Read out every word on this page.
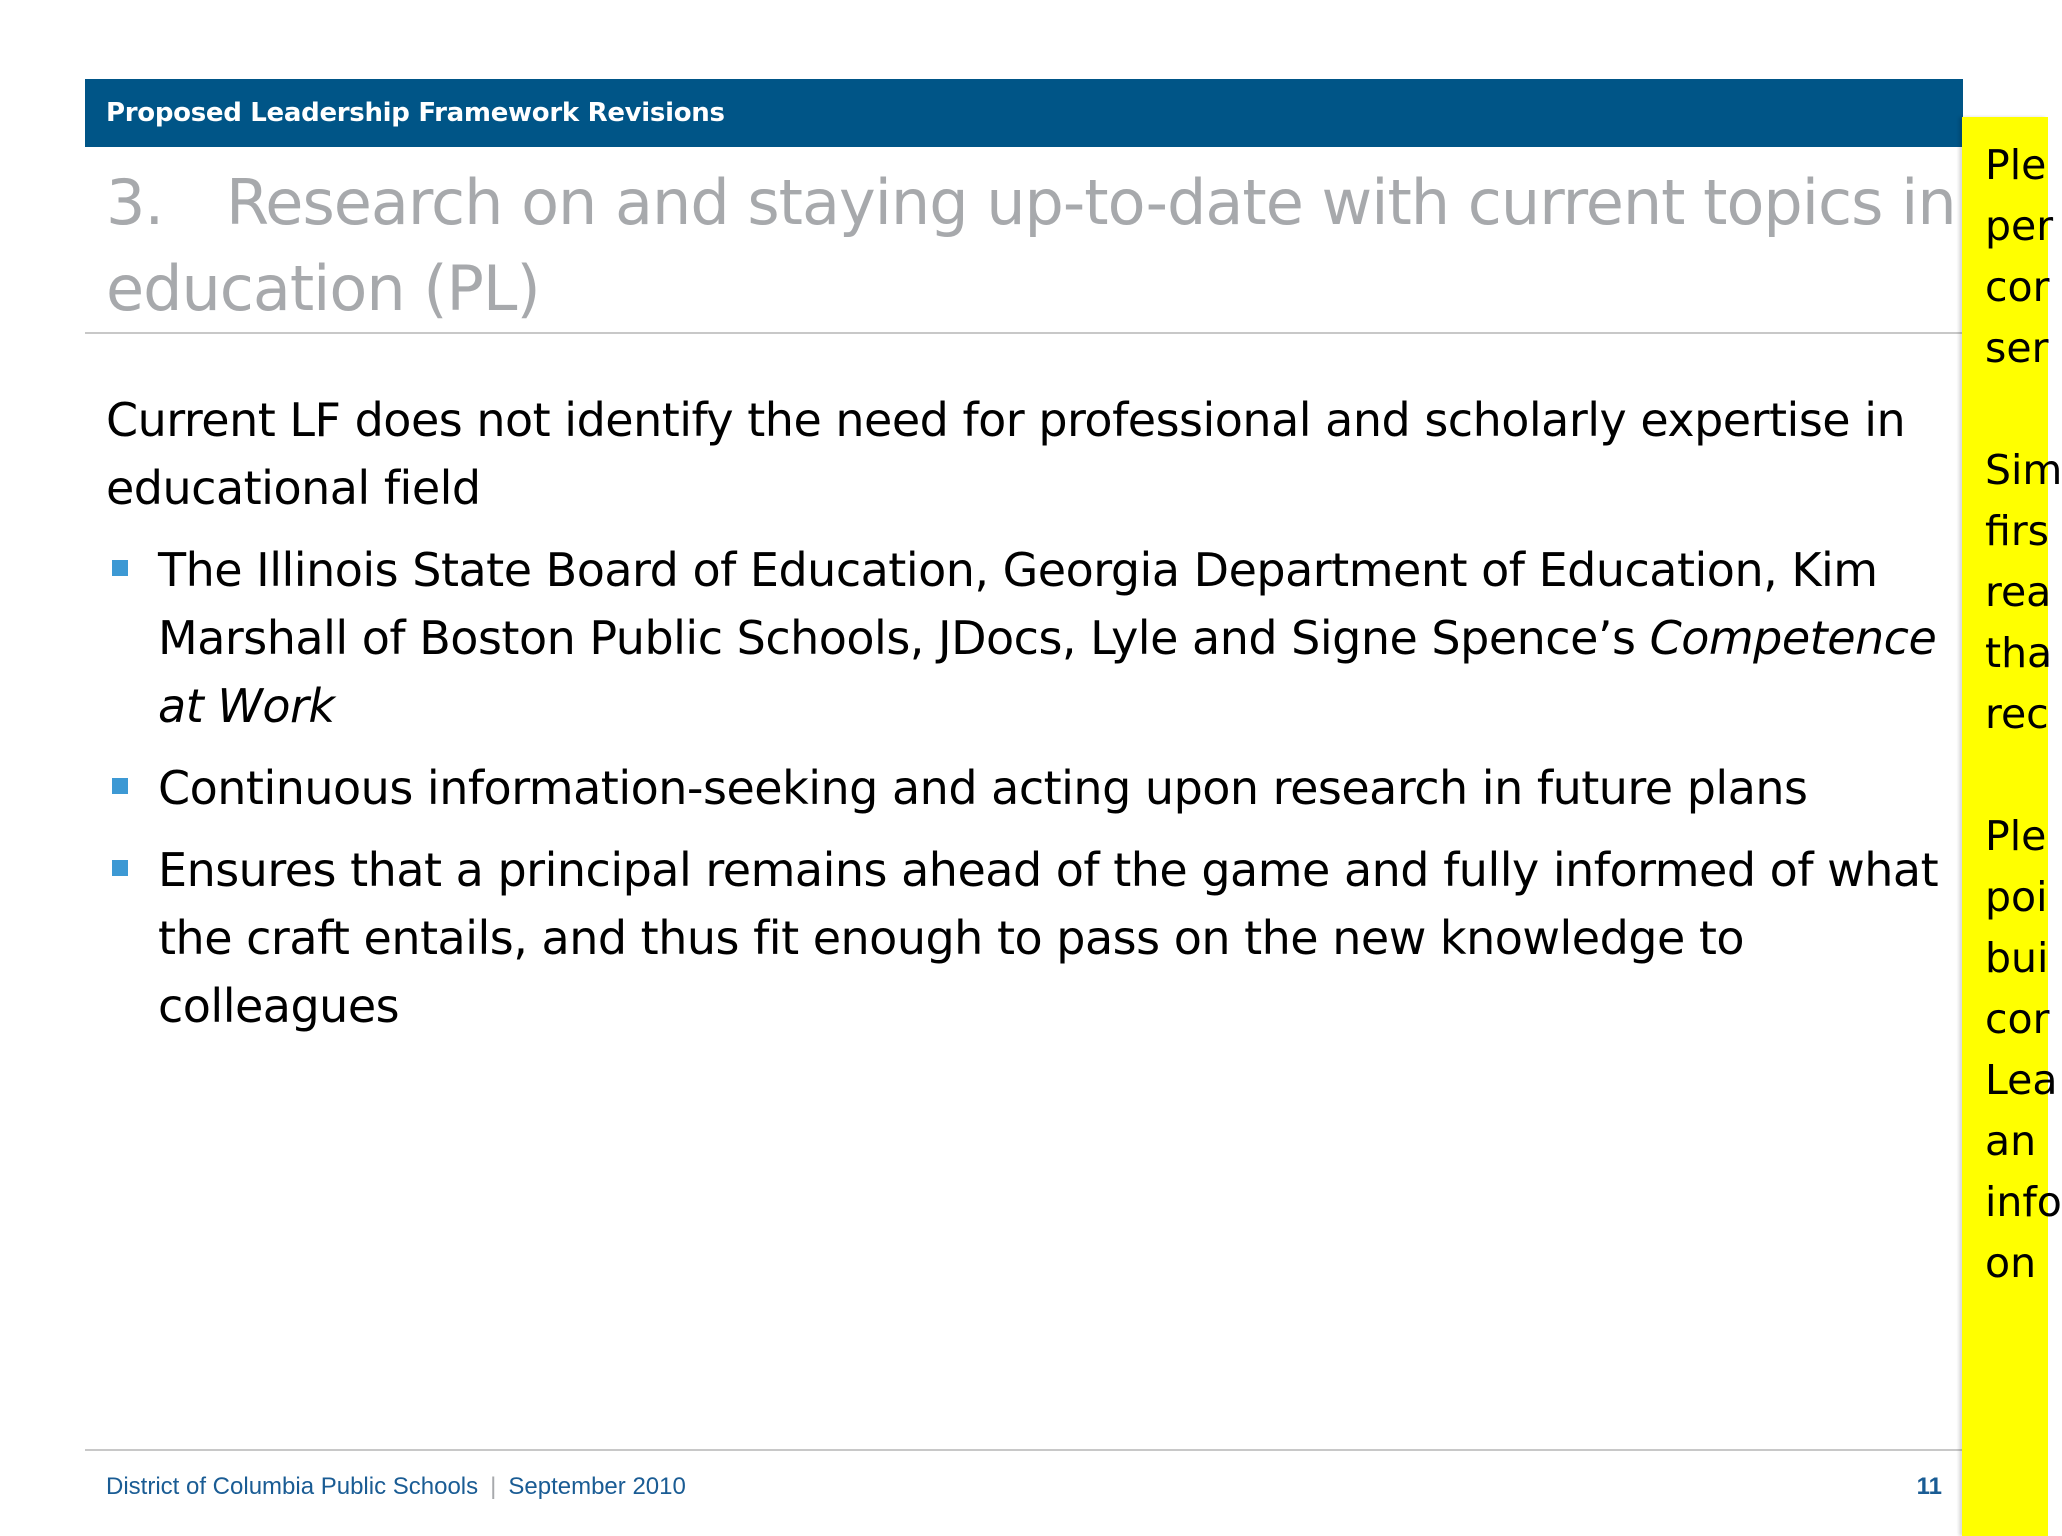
Proposed Leadership Framework Revisions
3. Research on and staying up-to-date with current topics in education (PL)
Current LF does not identify the need for professional and scholarly expertise in educational field
The Illinois State Board of Education, Georgia Department of Education, Kim Marshall of Boston Public Schools, JDocs, Lyle and Signe Spence’s Competence at Work
Continuous information-seeking and acting upon research in future plans
Ensures that a principal remains ahead of the game and fully informed of what the craft entails, and thus fit enough to pass on the new knowledge to colleagues
District of Columbia Public Schools | September 2010	11
Ple
per
cor
ser
Sim
firs
rea
tha
rec
Ple
poi
bui
cor
Lea
an
info
on
